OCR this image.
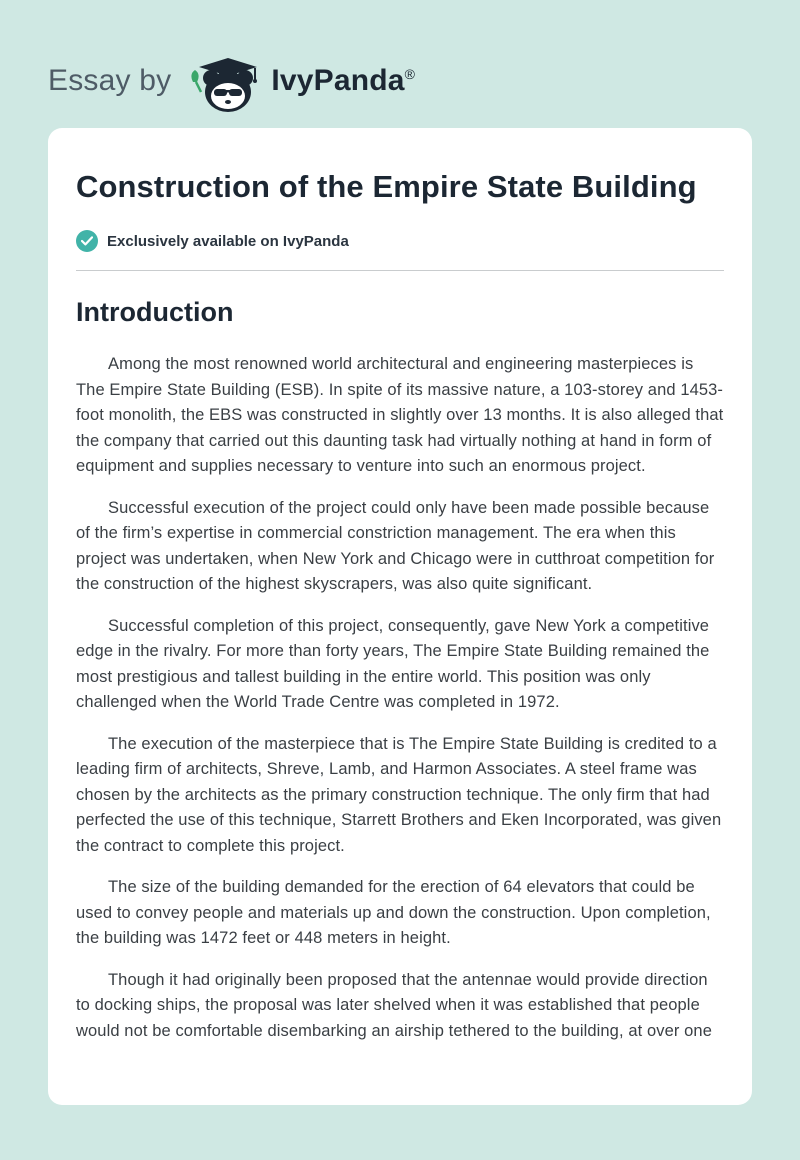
Essay by	IvyPanda®
Construction of the Empire State Building
Exclusively available on IvyPanda
Introduction

Among the most renowned world architectural and engineering masterpieces is The Empire State Building (ESB). In spite of its massive nature, a 103-storey and 1453-foot monolith, the EBS was constructed in slightly over 13 months. It is also alleged that the company that carried out this daunting task had virtually nothing at hand in form of equipment and supplies necessary to venture into such an enormous project.

Successful execution of the project could only have been made possible because of the firm’s expertise in commercial constriction management. The era when this project was undertaken, when New York and Chicago were in cutthroat competition for the construction of the highest skyscrapers, was also quite significant.

Successful completion of this project, consequently, gave New York a competitive edge in the rivalry. For more than forty years, The Empire State Building remained the most prestigious and tallest building in the entire world. This position was only challenged when the World Trade Centre was completed in 1972.

The execution of the masterpiece that is The Empire State Building is credited to a leading firm of architects, Shreve, Lamb, and Harmon Associates. A steel frame was chosen by the architects as the primary construction technique. The only firm that had perfected the use of this technique, Starrett Brothers and Eken Incorporated, was given the contract to complete this project.

The size of the building demanded for the erection of 64 elevators that could be used to convey people and materials up and down the construction. Upon completion, the building was 1472 feet or 448 meters in height.

Though it had originally been proposed that the antennae would provide direction to docking ships, the proposal was later shelved when it was established that people would not be comfortable disembarking an airship tethered to the building, at over one
